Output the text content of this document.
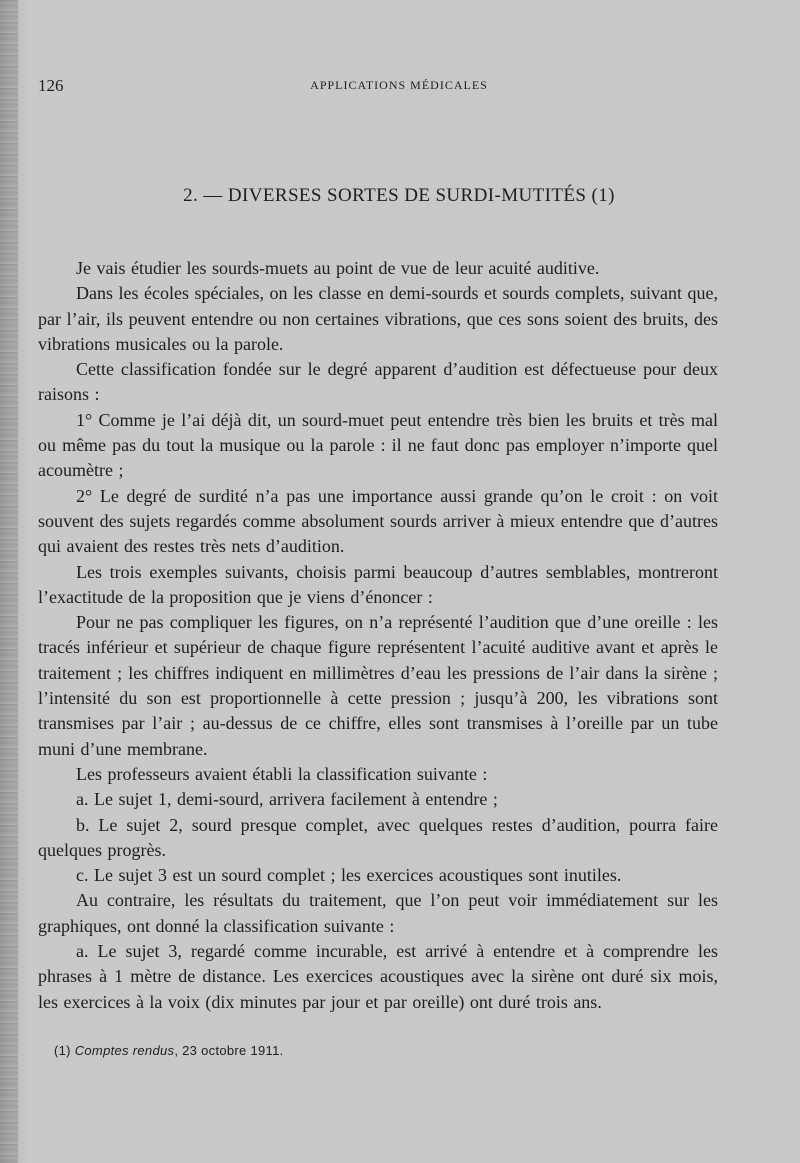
126	APPLICATIONS MÉDICALES
2. — DIVERSES SORTES DE SURDI-MUTITÉS (1)

Je vais étudier les sourds-muets au point de vue de leur acuité auditive.

Dans les écoles spéciales, on les classe en demi-sourds et sourds complets, suivant que, par l’air, ils peuvent entendre ou non certaines vibrations, que ces sons soient des bruits, des vibrations musicales ou la parole.

Cette classification fondée sur le degré apparent d’audition est défectueuse pour deux raisons :

1° Comme je l’ai déjà dit, un sourd-muet peut entendre très bien les bruits et très mal ou même pas du tout la musique ou la parole : il ne faut donc pas employer n’importe quel acoumètre ;

2° Le degré de surdité n’a pas une importance aussi grande qu’on le croit : on voit souvent des sujets regardés comme absolument sourds arriver à mieux entendre que d’autres qui avaient des restes très nets d’audition.

Les trois exemples suivants, choisis parmi beaucoup d’autres semblables, montreront l’exactitude de la proposition que je viens d’énoncer :

Pour ne pas compliquer les figures, on n’a représenté l’audition que d’une oreille : les tracés inférieur et supérieur de chaque figure représentent l’acuité auditive avant et après le traitement ; les chiffres indiquent en millimètres d’eau les pressions de l’air dans la sirène ; l’intensité du son est proportionnelle à cette pression ; jusqu’à 200, les vibrations sont transmises par l’air ; au-dessus de ce chiffre, elles sont transmises à l’oreille par un tube muni d’une membrane.

Les professeurs avaient établi la classification suivante :

a. Le sujet 1, demi-sourd, arrivera facilement à entendre ;

b. Le sujet 2, sourd presque complet, avec quelques restes d’audition, pourra faire quelques progrès.

c. Le sujet 3 est un sourd complet ; les exercices acoustiques sont inutiles.

Au contraire, les résultats du traitement, que l’on peut voir immédiatement sur les graphiques, ont donné la classification suivante :

a. Le sujet 3, regardé comme incurable, est arrivé à entendre et à comprendre les phrases à 1 mètre de distance. Les exercices acoustiques avec la sirène ont duré six mois, les exercices à la voix (dix minutes par jour et par oreille) ont duré trois ans.

(1) Comptes rendus, 23 octobre 1911.
